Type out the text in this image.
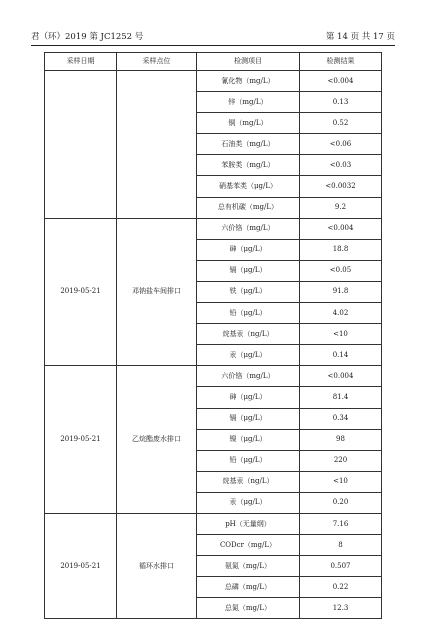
君（环）2019 第 JC1252 号	第 14 页 共 17 页
采样日期	采样点位	检测项目	检测结果
		氰化物（mg/L）	<0.004
		锌（mg/L）	0.13
		铜（mg/L）	0.52
		石油类（mg/L）	<0.06
		苯胺类（mg/L）	<0.03
		硝基苯类（μg/L）	<0.0032
		总有机碳（mg/L）	9.2
2019-05-21	邓钠盐车间排口	六价铬（mg/L）	<0.004
		砷（μg/L）	18.8
		镉（μg/L）	<0.05
		铁（μg/L）	91.8
		铅（μg/L）	4.02
		烷基汞（ng/L）	<10
		汞（μg/L）	0.14
2019-05-21	乙烷酯废水排口	六价铬（mg/L）	<0.004
		砷（μg/L）	81.4
		镉（μg/L）	0.34
		镍（μg/L）	98
		铅（μg/L）	220
		烷基汞（ng/L）	<10
		汞（μg/L）	0.20
2019-05-21	循环水排口	pH（无量纲）	7.16
		CODcr（mg/L）	8
		氨氮（mg/L）	0.507
		总磷（mg/L）	0.22
		总氮（mg/L）	12.3
